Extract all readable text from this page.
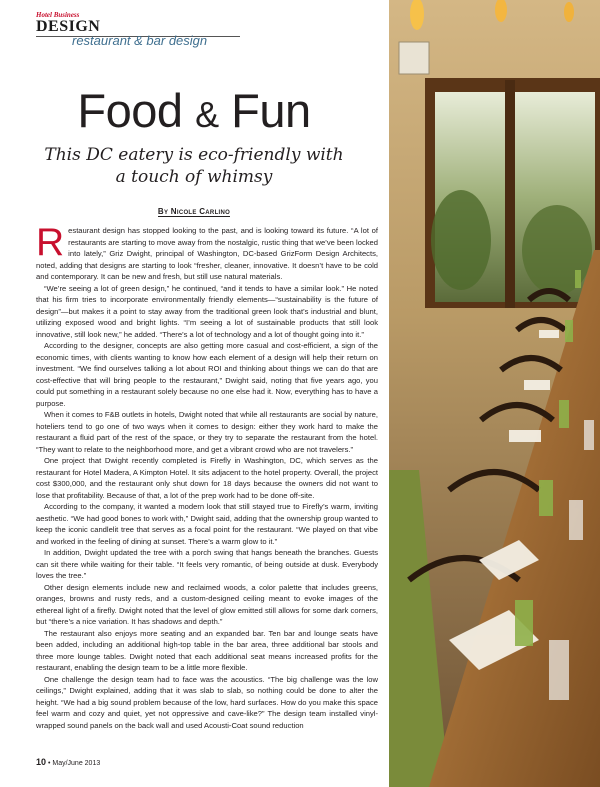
Hotel Business
DESIGN
restaurant & bar design
Food & Fun
This DC eatery is eco-friendly with
a touch of whimsy
By Nicole Carlino

Restaurant design has stopped looking to the past, and is looking toward its future. “A lot of restaurants are starting to move away from the nostalgic, rustic thing that we’ve been locked into lately,” Griz Dwight, principal of Washington, DC-based GrizForm Design Architects, noted, adding that designs are starting to look “fresher, cleaner, innovative. It doesn’t have to be cold and contemporary. It can be new and fresh, but still use natural materials.

“We’re seeing a lot of green design,” he continued, “and it tends to have a similar look.” He noted that his firm tries to incorporate environmentally friendly elements—“sustainability is the future of design”—but makes it a point to stay away from the traditional green look that’s industrial and blunt, utilizing exposed wood and bright lights. “I’m seeing a lot of sustainable products that still look innovative, still look new,” he added. “There’s a lot of technology and a lot of thought going into it.”

According to the designer, concepts are also getting more casual and cost-efficient, a sign of the economic times, with clients wanting to know how each element of a design will help their return on investment. “We find ourselves talking a lot about ROI and thinking about things we can do that are cost-effective that will bring people to the restaurant,” Dwight said, noting that five years ago, you could put something in a restaurant solely because no one else had it. Now, everything has to have a purpose.

When it comes to F&B outlets in hotels, Dwight noted that while all restaurants are social by nature, hoteliers tend to go one of two ways when it comes to design: either they work hard to make the restaurant a fluid part of the rest of the space, or they try to separate the restaurant from the hotel. “They want to relate to the neighborhood more, and get a vibrant crowd who are not travelers.”

One project that Dwight recently completed is Firefly in Washington, DC, which serves as the restaurant for Hotel Madera, A Kimpton Hotel. It sits adjacent to the hotel property. Overall, the project cost $300,000, and the restaurant only shut down for 18 days because the owners did not want to lose that profitability. Because of that, a lot of the prep work had to be done off-site.

According to the company, it wanted a modern look that still stayed true to Firefly’s warm, inviting aesthetic. “We had good bones to work with,” Dwight said, adding that the ownership group wanted to keep the iconic candlelit tree that serves as a focal point for the restaurant. “We played on that vibe and worked in the feeling of dining at sunset. There’s a warm glow to it.”

In addition, Dwight updated the tree with a porch swing that hangs beneath the branches. Guests can sit there while waiting for their table. “It feels very romantic, of being outside at dusk. Everybody loves the tree.”

Other design elements include new and reclaimed woods, a color palette that includes greens, oranges, browns and rusty reds, and a custom-designed ceiling meant to evoke images of the ethereal light of a firefly. Dwight noted that the level of glow emitted still allows for some dark corners, but “there’s a nice variation. It has shadows and depth.”

The restaurant also enjoys more seating and an expanded bar. Ten bar and lounge seats have been added, including an additional high-top table in the bar area, three additional bar stools and three more lounge tables. Dwight noted that each additional seat means increased profits for the restaurant, enabling the design team to be a little more flexible.

One challenge the design team had to face was the acoustics. “The big challenge was the low ceilings,” Dwight explained, adding that it was slab to slab, so nothing could be done to alter the height. “We had a big sound problem because of the low, hard surfaces. How do you make this space feel warm and cozy and quiet, yet not oppressive and cave-like?” The design team installed vinyl-wrapped sound panels on the back wall and used Acousti-Coat sound reduction

10 • May/June 2013
